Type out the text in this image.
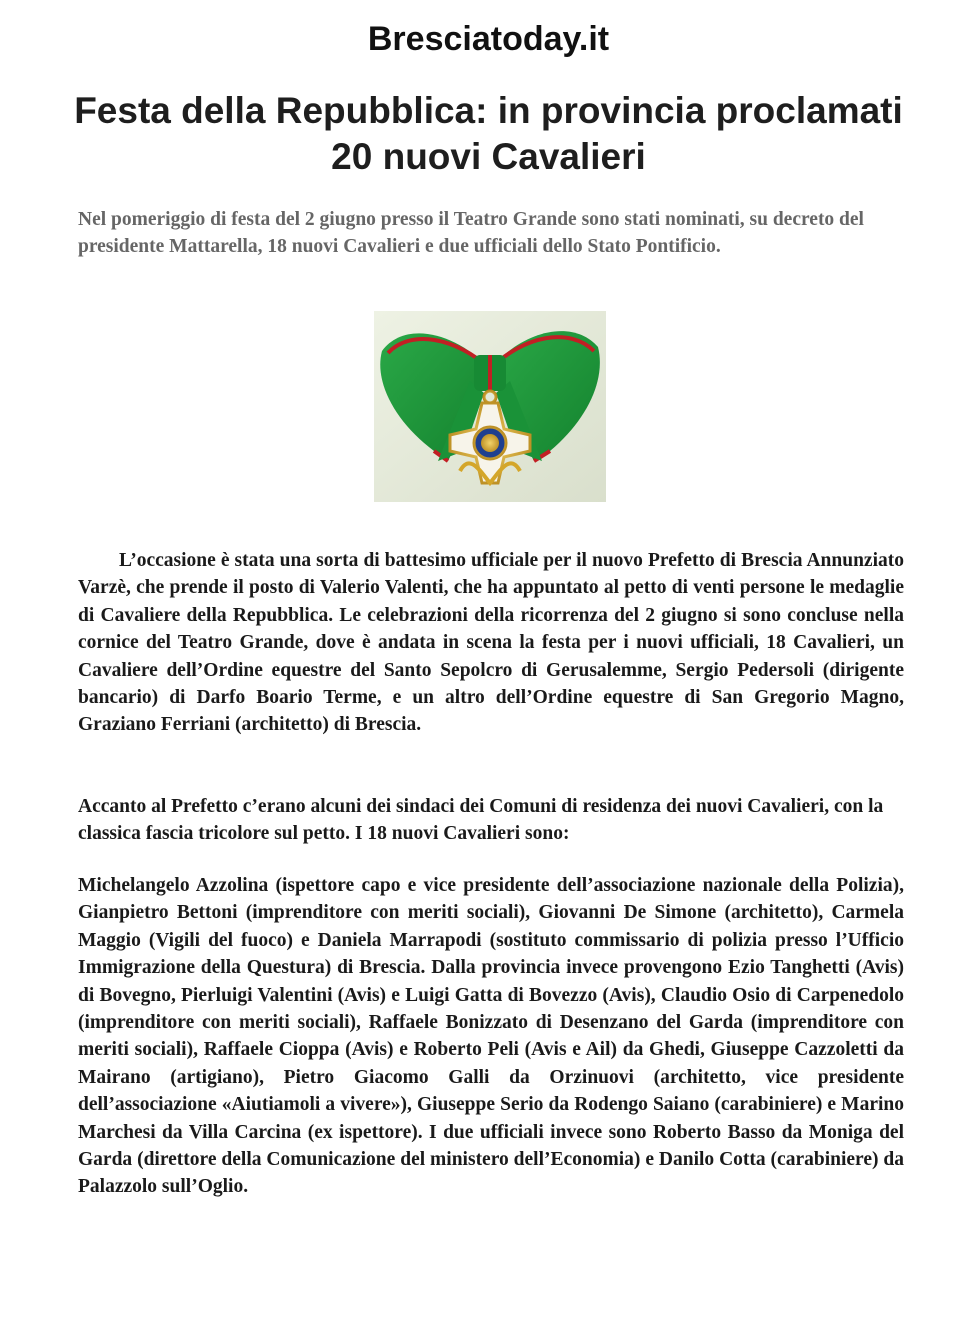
Bresciatoday.it
Festa della Repubblica: in provincia proclamati 20 nuovi Cavalieri
Nel pomeriggio di festa del 2 giugno presso il Teatro Grande sono stati nominati, su decreto del presidente Mattarella, 18 nuovi Cavalieri e due ufficiali dello Stato Pontificio.

L’occasione è stata una sorta di battesimo ufficiale per il nuovo Prefetto di Brescia Annunziato Varzè, che prende il posto di Valerio Valenti, che ha appuntato al petto di venti persone le medaglie di Cavaliere della Repubblica. Le celebrazioni della ricorrenza del 2 giugno si sono concluse nella cornice del Teatro Grande, dove è andata in scena la festa per i nuovi ufficiali, 18 Cavalieri, un Cavaliere dell’Ordine equestre del Santo Sepolcro di Gerusalemme, Sergio Pedersoli (dirigente bancario) di Darfo Boario Terme, e un altro dell’Ordine equestre di San Gregorio Magno, Graziano Ferriani (architetto) di Brescia.

Accanto al Prefetto c’erano alcuni dei sindaci dei Comuni di residenza dei nuovi Cavalieri, con la classica fascia tricolore sul petto. I 18 nuovi Cavalieri sono:

Michelangelo Azzolina (ispettore capo e vice presidente dell’associazione nazionale della Polizia), Gianpietro Bettoni (imprenditore con meriti sociali), Giovanni De Simone (architetto), Carmela Maggio (Vigili del fuoco) e Daniela Marrapodi (sostituto commissario di polizia presso l’Ufficio Immigrazione della Questura) di Brescia. Dalla provincia invece provengono Ezio Tanghetti (Avis) di Bovegno, Pierluigi Valentini (Avis) e Luigi Gatta di Bovezzo (Avis), Claudio Osio di Carpenedolo (imprenditore con meriti sociali), Raffaele Bonizzato di Desenzano del Garda (imprenditore con meriti sociali), Raffaele Cioppa (Avis) e Roberto Peli (Avis e Ail) da Ghedi, Giuseppe Cazzoletti da Mairano (artigiano), Pietro Giacomo Galli da Orzinuovi (architetto, vice presidente dell’associazione «Aiutiamoli a vivere»), Giuseppe Serio da Rodengo Saiano (carabiniere) e Marino Marchesi da Villa Carcina (ex ispettore). I due ufficiali invece sono Roberto Basso da Moniga del Garda (direttore della Comunicazione del ministero dell’Economia) e Danilo Cotta (carabiniere) da Palazzolo sull’Oglio.
